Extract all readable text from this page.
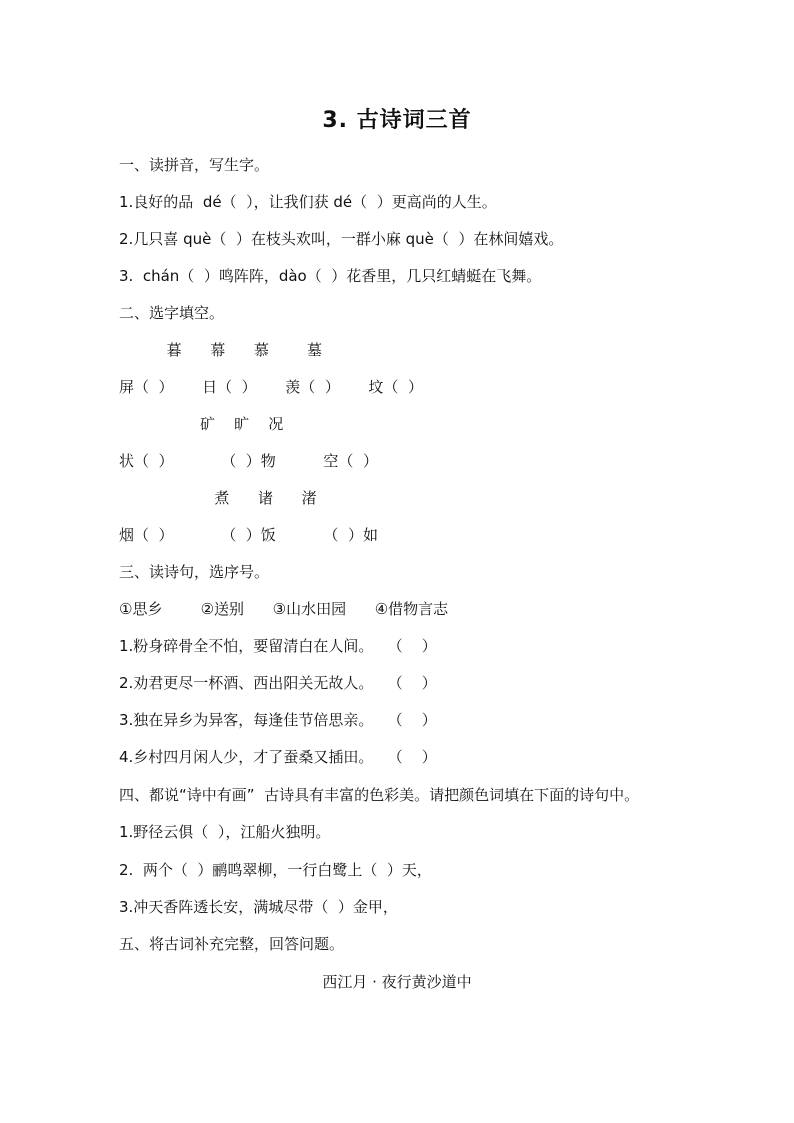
3. 古诗词三首
一、读拼音，写生字。
1.良好的品  dé（  ），让我们获 dé（  ）更高尚的人生。
2.几只喜 què（  ）在枝头欢叫，一群小麻 què（  ）在林间嬉戏。
3.  chán（  ）鸣阵阵，dào（  ）花香里，几只红蜻蜓在飞舞。
二、选字填空。
暮      幕      慕        墓
屏（  ）      日（  ）      羡（  ）      坟（  ）
矿    旷    况
状（  ）          （  ）物          空（  ）
煮      诸      渚
烟（  ）          （  ）饭          （  ）如
三、读诗句，选序号。
①思乡        ②送别      ③山水田园      ④借物言志
1.粉身碎骨全不怕，要留清白在人间。   （    ）
2.劝君更尽一杯酒、西出阳关无故人。   （    ）
3.独在异乡为异客，每逢佳节倍思亲。   （    ）
4.乡村四月闲人少，才了蚕桑又插田。   （    ）
四、都说“诗中有画”  古诗具有丰富的色彩美。请把颜色词填在下面的诗句中。
1.野径云俱（  ），江船火独明。
2.  两个（  ）鹂鸣翠柳，一行白鹭上（  ）天，
3.冲天香阵透长安，满城尽带（  ）金甲，
五、将古词补充完整，回答问题。
西江月 · 夜行黄沙道中
